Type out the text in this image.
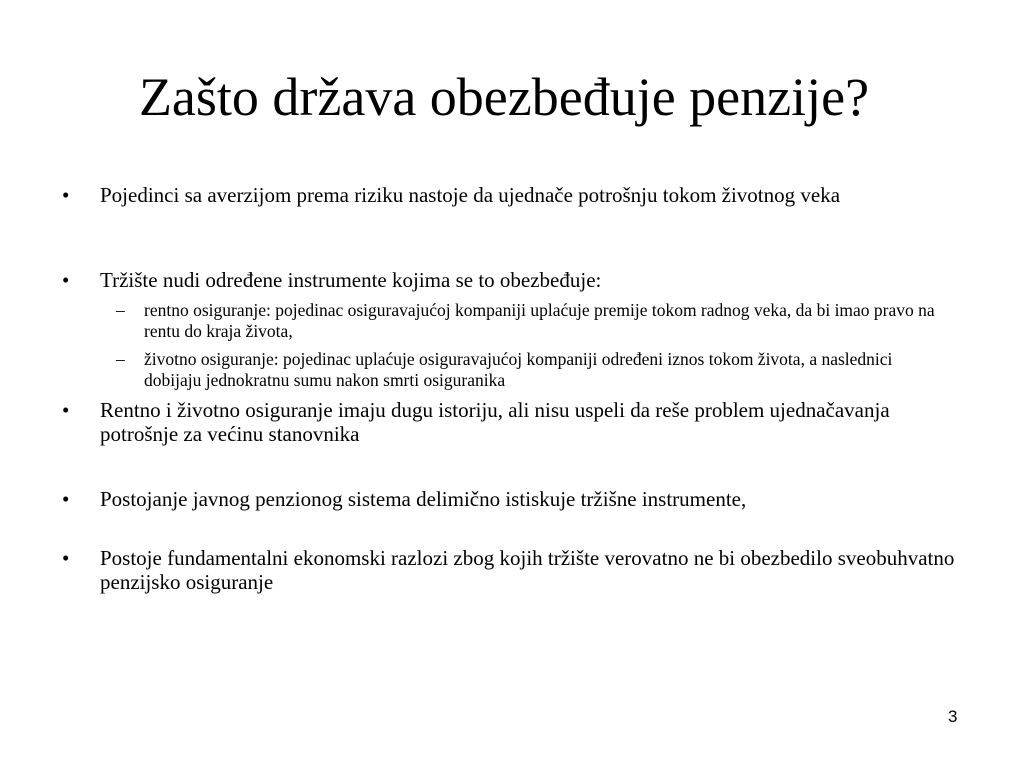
Zašto država obezbeđuje penzije?
• Pojedinci sa averzijom prema riziku nastoje da ujednače potrošnju tokom životnog veka
• Tržište nudi određene instrumente kojima se to obezbeđuje:
– rentno osiguranje: pojedinac osiguravajućoj kompaniji uplaćuje premije tokom radnog veka, da bi imao pravo na rentu do kraja života,
– životno osiguranje: pojedinac uplaćuje osiguravajućoj kompaniji određeni iznos tokom života, a naslednici dobijaju jednokratnu sumu nakon smrti osiguranika
• Rentno i životno osiguranje imaju dugu istoriju, ali nisu uspeli da reše problem ujednačavanja potrošnje za većinu stanovnika
• Postojanje javnog penzionog sistema delimično istiskuje tržišne instrumente,
• Postoje fundamentalni ekonomski razlozi zbog kojih tržište verovatno ne bi obezbedilo sveobuhvatno penzijsko osiguranje
3
